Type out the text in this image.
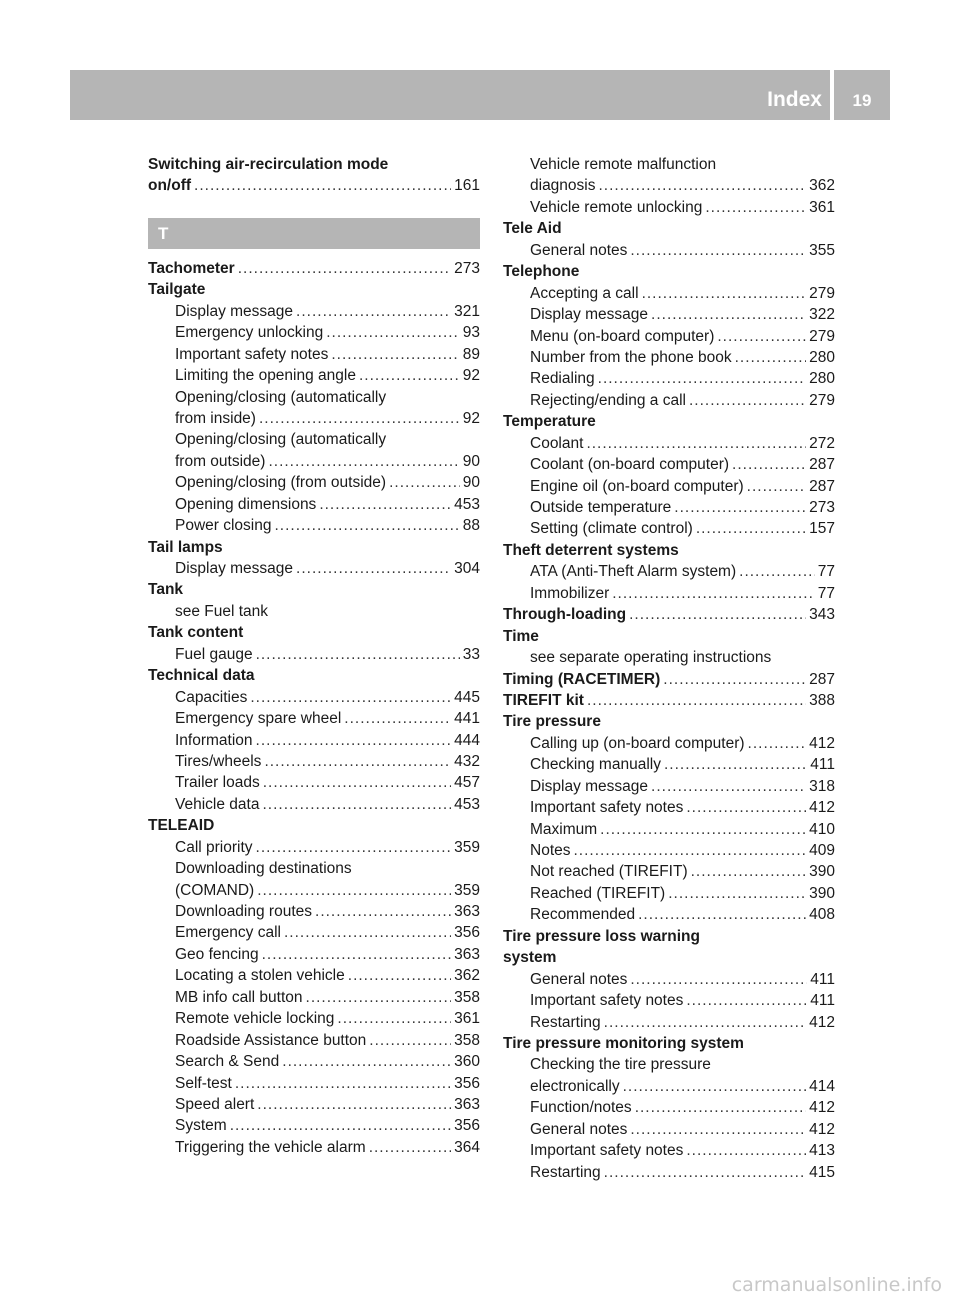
Index	19
Switching air-recirculation mode
on/off .....	161
T
Tachometer .....	273
Tailgate
Display message .....	321
Emergency unlocking .....	93
Important safety notes .....	89
Limiting the opening angle .....	92
Opening/closing (automatically
from inside) .....	92
Opening/closing (automatically
from outside) .....	90
Opening/closing (from outside) .....	90
Opening dimensions .....	453
Power closing .....	88
Tail lamps
Display message .....	304
Tank
see Fuel tank
Tank content
Fuel gauge .....	33
Technical data
Capacities .....	445
Emergency spare wheel .....	441
Information .....	444
Tires/wheels .....	432
Trailer loads .....	457
Vehicle data .....	453
TELEAID
Call priority .....	359
Downloading destinations
(COMAND) .....	359
Downloading routes .....	363
Emergency call .....	356
Geo fencing .....	363
Locating a stolen vehicle .....	362
MB info call button .....	358
Remote vehicle locking .....	361
Roadside Assistance button .....	358
Search & Send .....	360
Self-test .....	356
Speed alert .....	363
System .....	356
Triggering the vehicle alarm .....	364
Vehicle remote malfunction
diagnosis .....	362
Vehicle remote unlocking .....	361
Tele Aid
General notes .....	355
Telephone
Accepting a call .....	279
Display message .....	322
Menu (on-board computer) .....	279
Number from the phone book .....	280
Redialing .....	280
Rejecting/ending a call .....	279
Temperature
Coolant .....	272
Coolant (on-board computer) .....	287
Engine oil (on-board computer) .....	287
Outside temperature .....	273
Setting (climate control) .....	157
Theft deterrent systems
ATA (Anti-Theft Alarm system) .....	77
Immobilizer .....	77
Through-loading .....	343
Time
see separate operating instructions
Timing (RACETIMER) .....	287
TIREFIT kit .....	388
Tire pressure
Calling up (on-board computer) .....	412
Checking manually .....	411
Display message .....	318
Important safety notes .....	412
Maximum .....	410
Notes .....	409
Not reached (TIREFIT) .....	390
Reached (TIREFIT) .....	390
Recommended .....	408
Tire pressure loss warning
system
General notes .....	411
Important safety notes .....	411
Restarting .....	412
Tire pressure monitoring system
Checking the tire pressure
electronically .....	414
Function/notes .....	412
General notes .....	412
Important safety notes .....	413
Restarting .....	415
carmanualsonline.info
